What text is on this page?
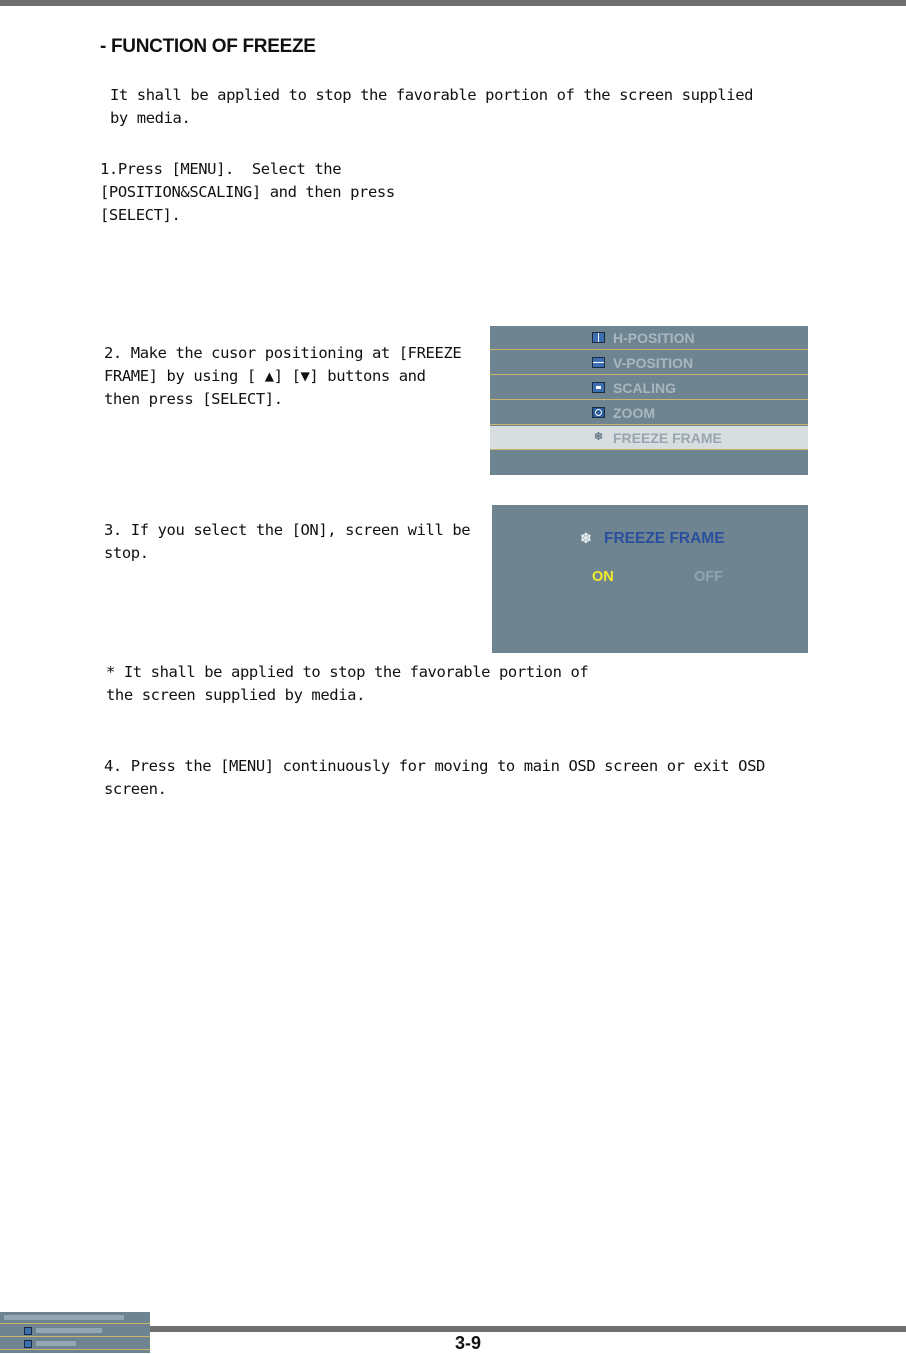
- FUNCTION OF FREEZE
It shall be applied to stop the favorable portion of the screen supplied
by media.
1.Press [MENU].  Select the
[POSITION&SCALING] and then press
[SELECT].
2. Make the cusor positioning at [FREEZE
FRAME] by using [ ▲] [▼] buttons and
then press [SELECT].
H-POSITION
V-POSITION
SCALING
ZOOM
❄ FREEZE FRAME
3. If you select the [ON], screen will be
stop.
❄ FREEZE FRAME
ON	OFF
* It shall be applied to stop the favorable portion of
the screen supplied by media.
4. Press the [MENU] continuously for moving to main OSD screen or exit OSD
screen.
3-9
